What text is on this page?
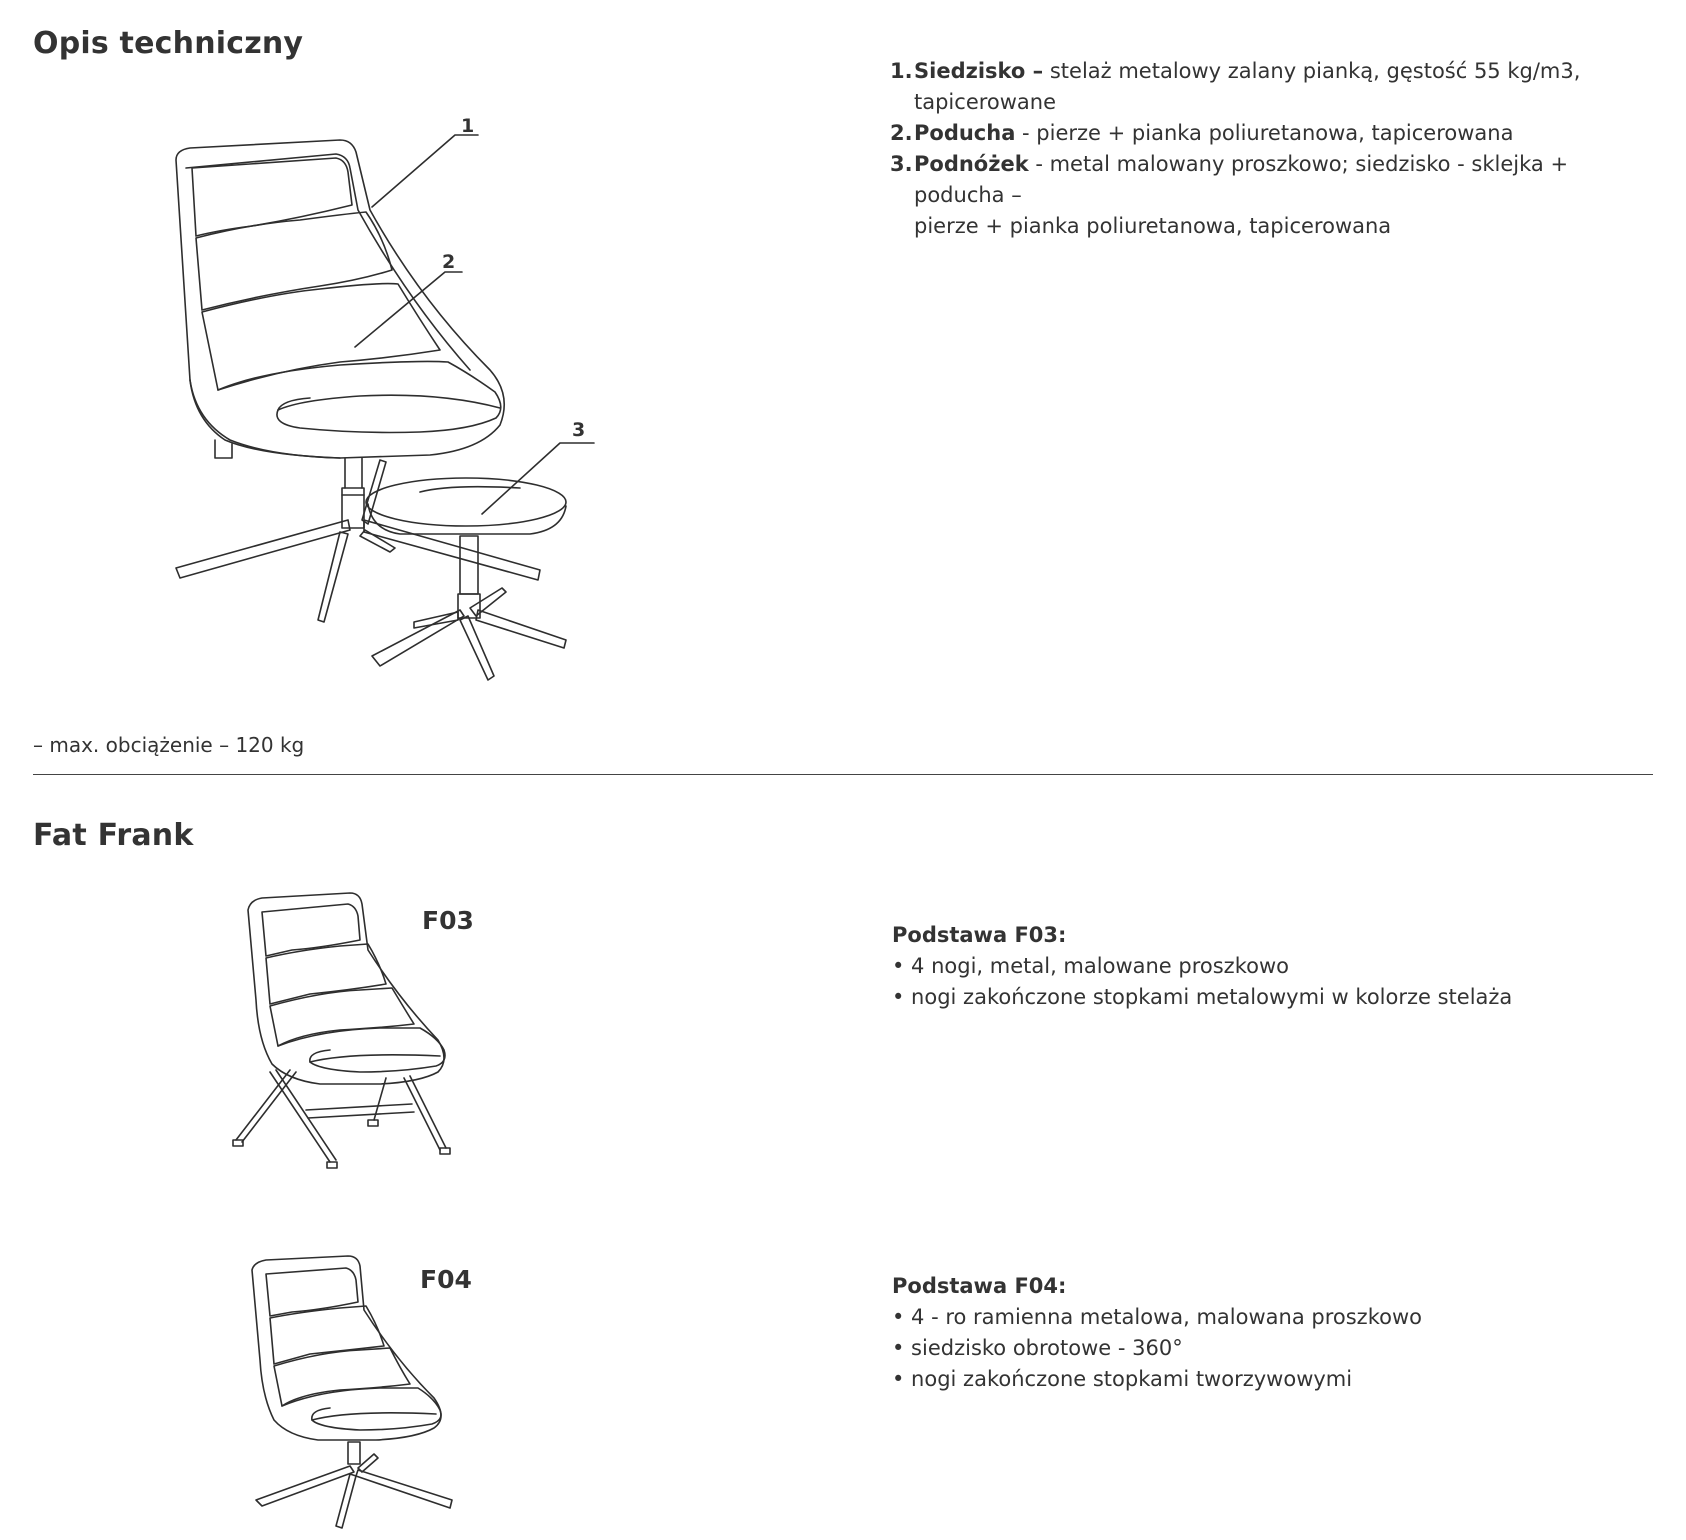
Opis techniczny
1
2
3
1. Siedzisko – stelaż metalowy zalany pianką, gęstość 55 kg/m3,
tapicerowane
2. Poducha - pierze + pianka poliuretanowa, tapicerowana
3. Podnóżek - metal malowany proszkowo; siedzisko - sklejka + poducha –
pierze + pianka poliuretanowa, tapicerowana
– max. obciążenie – 120 kg
Fat Frank
F03	Podstawa F03:
• 4 nogi, metal, malowane proszkowo
• nogi zakończone stopkami metalowymi w kolorze stelaża
F04	Podstawa F04:
• 4 - ro ramienna metalowa, malowana proszkowo
• siedzisko obrotowe - 360°
• nogi zakończone stopkami tworzywowymi
